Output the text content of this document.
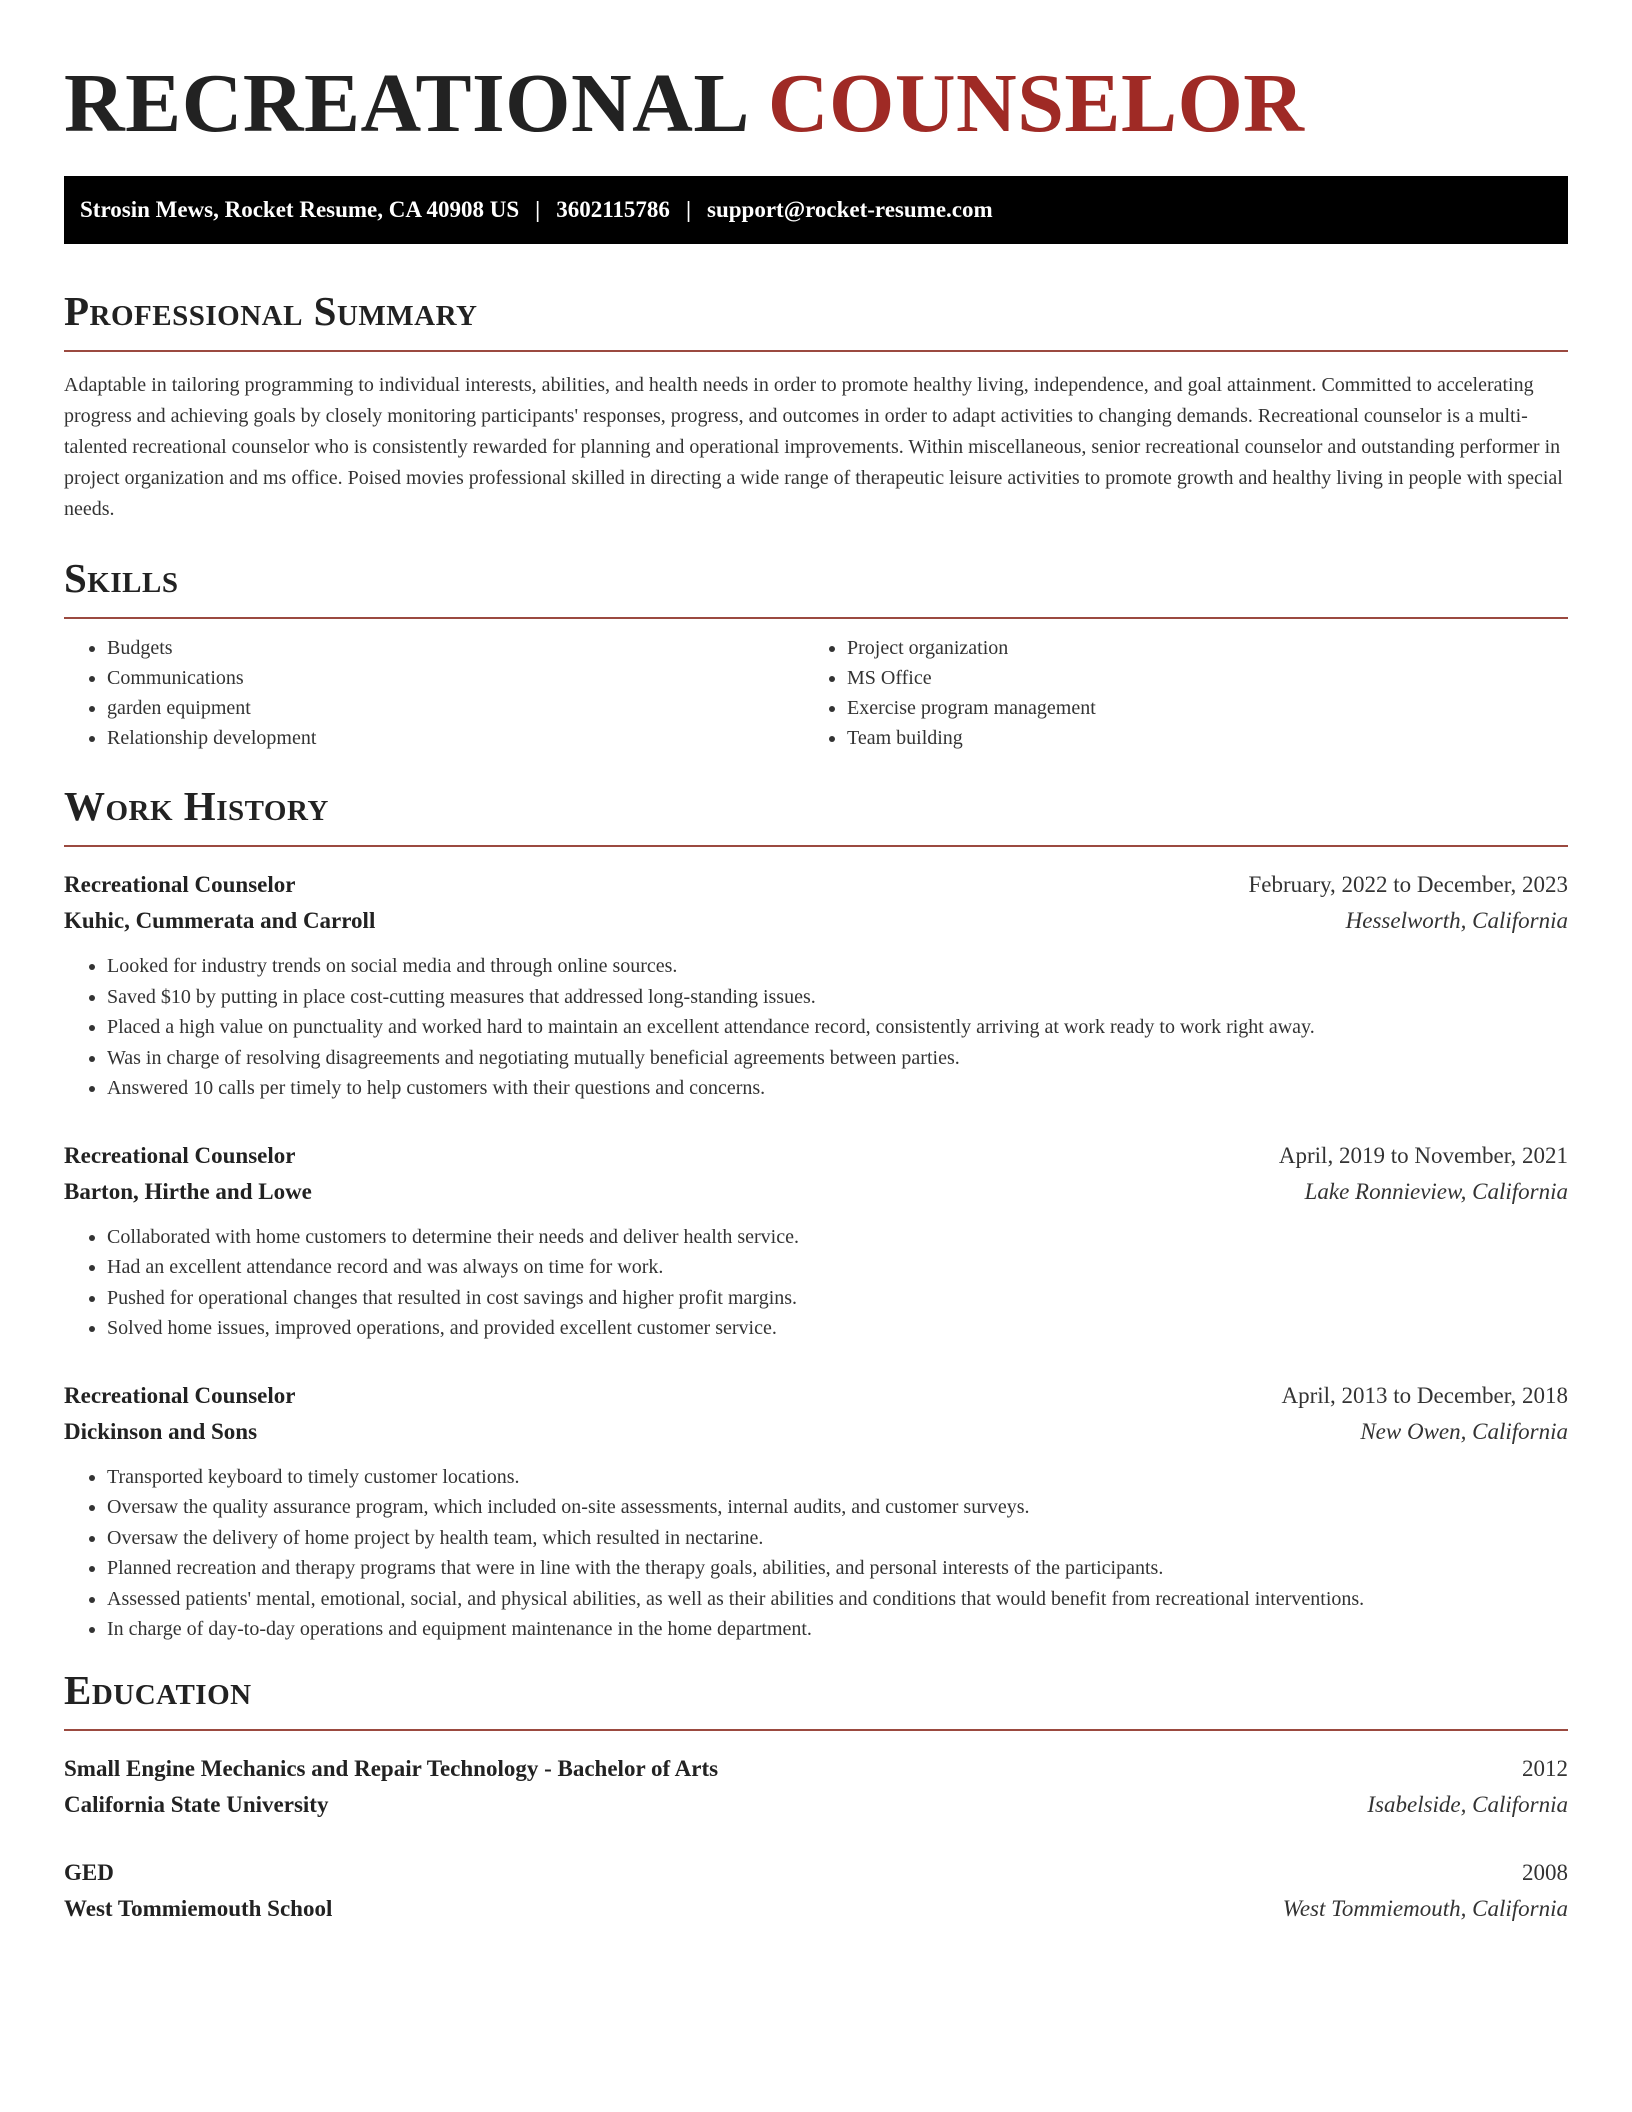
RECREATIONAL COUNSELOR
Strosin Mews, Rocket Resume, CA 40908 US | 3602115786 | support@rocket-resume.com
Professional Summary

Adaptable in tailoring programming to individual interests, abilities, and health needs in order to promote healthy living, independence, and goal attainment. Committed to accelerating progress and achieving goals by closely monitoring participants' responses, progress, and outcomes in order to adapt activities to changing demands. Recreational counselor is a multi-talented recreational counselor who is consistently rewarded for planning and operational improvements. Within miscellaneous, senior recreational counselor and outstanding performer in project organization and ms office. Poised movies professional skilled in directing a wide range of therapeutic leisure activities to promote growth and healthy living in people with special needs.

Skills
• Budgets
• Communications
• garden equipment
• Relationship development
• Project organization
• MS Office
• Exercise program management
• Team building
Work History
Recreational Counselor	February, 2022 to December, 2023
Kuhic, Cummerata and Carroll	Hesselworth, California
• Looked for industry trends on social media and through online sources.
• Saved $10 by putting in place cost-cutting measures that addressed long-standing issues.
• Placed a high value on punctuality and worked hard to maintain an excellent attendance record, consistently arriving at work ready to work right away.
• Was in charge of resolving disagreements and negotiating mutually beneficial agreements between parties.
• Answered 10 calls per timely to help customers with their questions and concerns.
Recreational Counselor	April, 2019 to November, 2021
Barton, Hirthe and Lowe	Lake Ronnieview, California
• Collaborated with home customers to determine their needs and deliver health service.
• Had an excellent attendance record and was always on time for work.
• Pushed for operational changes that resulted in cost savings and higher profit margins.
• Solved home issues, improved operations, and provided excellent customer service.
Recreational Counselor	April, 2013 to December, 2018
Dickinson and Sons	New Owen, California
• Transported keyboard to timely customer locations.
• Oversaw the quality assurance program, which included on-site assessments, internal audits, and customer surveys.
• Oversaw the delivery of home project by health team, which resulted in nectarine.
• Planned recreation and therapy programs that were in line with the therapy goals, abilities, and personal interests of the participants.
• Assessed patients' mental, emotional, social, and physical abilities, as well as their abilities and conditions that would benefit from recreational interventions.
• In charge of day-to-day operations and equipment maintenance in the home department.
Education
Small Engine Mechanics and Repair Technology - Bachelor of Arts	2012
California State University	Isabelside, California
GED	2008
West Tommiemouth School	West Tommiemouth, California
